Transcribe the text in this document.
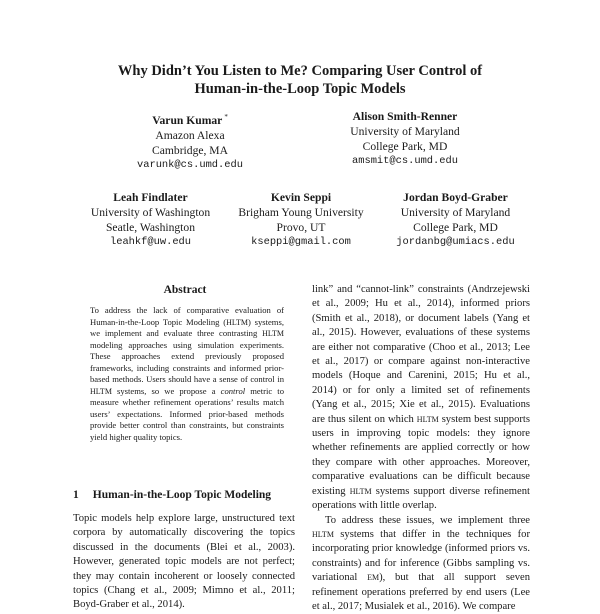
Why Didn’t You Listen to Me? Comparing User Control of
Human-in-the-Loop Topic Models
Varun Kumar *
Amazon Alexa
Cambridge, MA
varunk@cs.umd.edu
Alison Smith-Renner
University of Maryland
College Park, MD
amsmit@cs.umd.edu
Leah Findlater
University of Washington
Seatle, Washington
leahkf@uw.edu
Kevin Seppi
Brigham Young University
Provo, UT
kseppi@gmail.com
Jordan Boyd-Graber
University of Maryland
College Park, MD
jordanbg@umiacs.edu
Abstract

To address the lack of comparative evaluation of Human-in-the-Loop Topic Modeling (HLTM) systems, we implement and evaluate three contrasting HLTM modeling approaches using simulation experiments. These approaches extend previously proposed frameworks, including constraints and informed prior-based methods. Users should have a sense of control in HLTM systems, so we propose a control metric to measure whether refinement operations’ results match users’ expectations. Informed prior-based methods provide better control than constraints, but constraints yield higher quality topics.

1 Human-in-the-Loop Topic Modeling

Topic models help explore large, unstructured text corpora by automatically discovering the topics discussed in the documents (Blei et al., 2003). However, generated topic models are not perfect; they may contain incoherent or loosely connected topics (Chang et al., 2009; Mimno et al., 2011; Boyd-Graber et al., 2014).

link” and “cannot-link” constraints (Andrzejewski et al., 2009; Hu et al., 2014), informed priors (Smith et al., 2018), or document labels (Yang et al., 2015). However, evaluations of these systems are either not comparative (Choo et al., 2013; Lee et al., 2017) or compare against non-interactive models (Hoque and Carenini, 2015; Hu et al., 2014) or for only a limited set of refinements (Yang et al., 2015; Xie et al., 2015). Evaluations are thus silent on which HLTM system best supports users in improving topic models: they ignore whether refinements are applied correctly or how they compare with other approaches. Moreover, comparative evaluations can be difficult because existing HLTM systems support diverse refinement operations with little overlap.

To address these issues, we implement three HLTM systems that differ in the techniques for incorporating prior knowledge (informed priors vs. constraints) and for inference (Gibbs sampling vs. variational EM), but that all support seven refinement operations preferred by end users (Lee et al., 2017; Musialek et al., 2016). We compare
